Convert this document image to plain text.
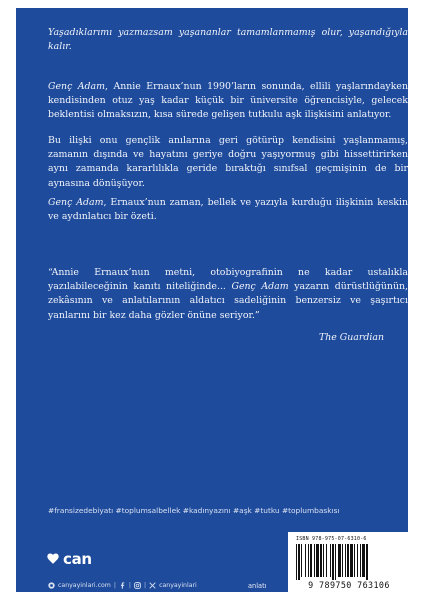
Yaşadıklarımı yazmazsam yaşananlar tamamlanmamış olur, yaşandığıyla kalır.

Genç Adam, Annie Ernaux’nun 1990’ların sonunda, ellili yaşlarındayken kendisinden otuz yaş kadar küçük bir üniversite öğrencisiyle, gelecek beklentisi olmaksızın, kısa sürede gelişen tutkulu aşk ilişkisini anlatıyor.

Bu ilişki onu gençlik anılarına geri götürüp kendisini yaşlanmamış, zamanın dışında ve hayatını geriye doğru yaşıyormuş gibi hissettirirken aynı zamanda kararlılıkla geride bıraktığı sınıfsal geçmişinin de bir aynasına dönüşüyor.

Genç Adam, Ernaux’nun zaman, bellek ve yazıyla kurduğu ilişkinin keskin ve aydınlatıcı bir özeti.

“Annie Ernaux’nun metni, otobiyografinin ne kadar ustalıkla yazılabileceğinin kanıtı niteliğinde... Genç Adam yazarın dürüstlüğünün, zekâsının ve anlatılarının aldatıcı sadeliğinin benzersiz ve şaşırtıcı yanlarını bir kez daha gözler önüne seriyor.”

The Guardian

#fransizedebiyatı #toplumsalbellek #kadınyazını #aşk #tutku #toplumbaskısı

can
canyayinlari.com | | | canyayinlari	anlatı
ISBN 978-975-07-6310-6
9 789750 763106
